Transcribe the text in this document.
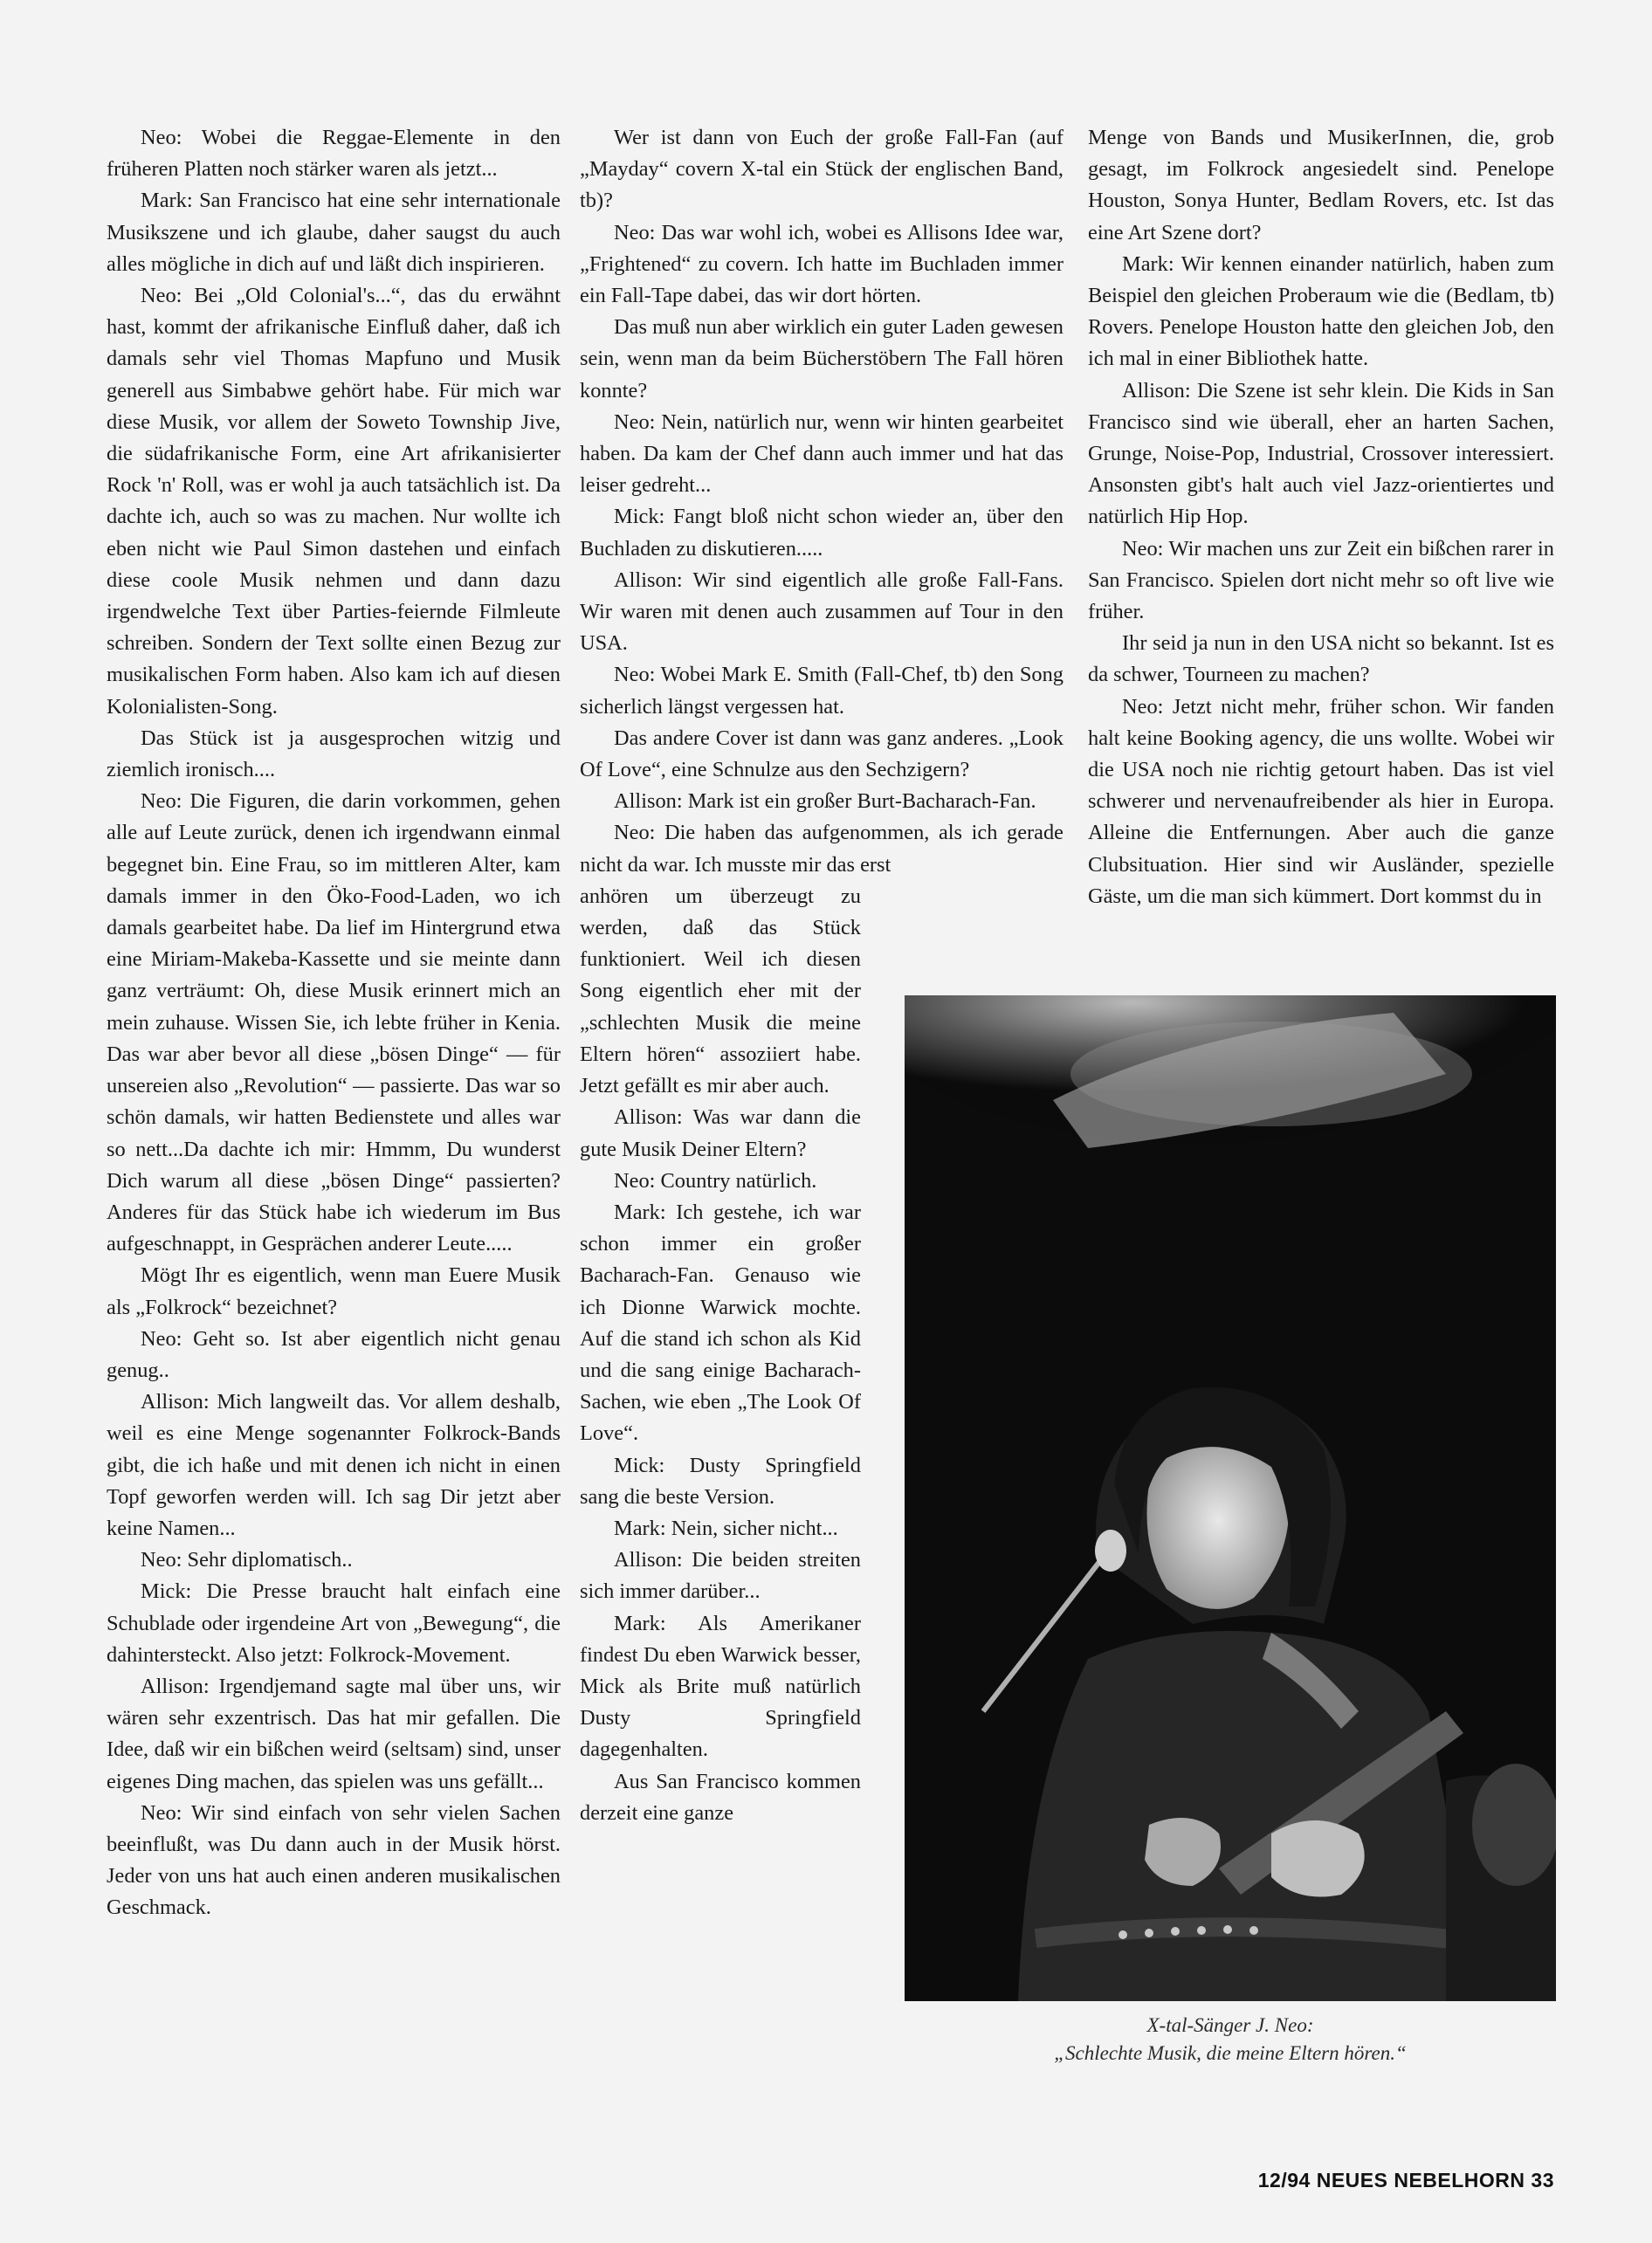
Neo: Wobei die Reggae-Elemente in den früheren Platten noch stärker waren als jetzt...

Mark: San Francisco hat eine sehr internationale Musikszene und ich glaube, daher saugst du auch alles mögliche in dich auf und läßt dich inspirieren.

Neo: Bei „Old Colonial's...“, das du erwähnt hast, kommt der afrikanische Einfluß daher, daß ich damals sehr viel Thomas Mapfuno und Musik generell aus Simbabwe gehört habe. Für mich war diese Musik, vor allem der Soweto Township Jive, die südafrikanische Form, eine Art afrikanisierter Rock 'n' Roll, was er wohl ja auch tatsächlich ist. Da dachte ich, auch so was zu machen. Nur wollte ich eben nicht wie Paul Simon dastehen und einfach diese coole Musik nehmen und dann dazu irgendwelche Text über Parties-feiernde Filmleute schreiben. Sondern der Text sollte einen Bezug zur musikalischen Form haben. Also kam ich auf diesen Kolonialisten-Song.

Das Stück ist ja ausgesprochen witzig und ziemlich ironisch....

Neo: Die Figuren, die darin vorkommen, gehen alle auf Leute zurück, denen ich irgendwann einmal begegnet bin. Eine Frau, so im mittleren Alter, kam damals immer in den Öko-Food-Laden, wo ich damals gearbeitet habe. Da lief im Hintergrund etwa eine Miriam-Makeba-Kassette und sie meinte dann ganz verträumt: Oh, diese Musik erinnert mich an mein zuhause. Wissen Sie, ich lebte früher in Kenia. Das war aber bevor all diese „bösen Dinge“ — für unsereien also „Revolution“ — passierte. Das war so schön damals, wir hatten Bedienstete und alles war so nett...Da dachte ich mir: Hmmm, Du wunderst Dich warum all diese „bösen Dinge“ passierten? Anderes für das Stück habe ich wiederum im Bus aufgeschnappt, in Gesprächen anderer Leute.....

Mögt Ihr es eigentlich, wenn man Euere Musik als „Folkrock“ bezeichnet?

Neo: Geht so. Ist aber eigentlich nicht genau genug..

Allison: Mich langweilt das. Vor allem deshalb, weil es eine Menge sogenannter Folkrock-Bands gibt, die ich haße und mit denen ich nicht in einen Topf geworfen werden will. Ich sag Dir jetzt aber keine Namen...

Neo: Sehr diplomatisch..

Mick: Die Presse braucht halt einfach eine Schublade oder irgendeine Art von „Bewegung“, die dahintersteckt. Also jetzt: Folkrock-Movement.

Allison: Irgendjemand sagte mal über uns, wir wären sehr exzentrisch. Das hat mir gefallen. Die Idee, daß wir ein bißchen weird (seltsam) sind, unser eigenes Ding machen, das spielen was uns gefällt...

Neo: Wir sind einfach von sehr vielen Sachen beeinflußt, was Du dann auch in der Musik hörst. Jeder von uns hat auch einen anderen musikalischen Geschmack.

Wer ist dann von Euch der große Fall-Fan (auf „Mayday“ covern X-tal ein Stück der englischen Band, tb)?

Neo: Das war wohl ich, wobei es Allisons Idee war, „Frightened“ zu covern. Ich hatte im Buchladen immer ein Fall-Tape dabei, das wir dort hörten.

Das muß nun aber wirklich ein guter Laden gewesen sein, wenn man da beim Bücherstöbern The Fall hören konnte?

Neo: Nein, natürlich nur, wenn wir hinten gearbeitet haben. Da kam der Chef dann auch immer und hat das leiser gedreht...

Mick: Fangt bloß nicht schon wieder an, über den Buchladen zu diskutieren.....

Allison: Wir sind eigentlich alle große Fall-Fans. Wir waren mit denen auch zusammen auf Tour in den USA.

Neo: Wobei Mark E. Smith (Fall-Chef, tb) den Song sicherlich längst vergessen hat.

Das andere Cover ist dann was ganz anderes. „Look Of Love“, eine Schnulze aus den Sechzigern?

Allison: Mark ist ein großer Burt-Bacharach-Fan.

Neo: Die haben das aufgenommen, als ich gerade nicht da war. Ich musste mir das erst

anhören um überzeugt zu werden, daß das Stück funktioniert. Weil ich diesen Song eigentlich eher mit der „schlechten Musik die meine Eltern hören“ assoziiert habe. Jetzt gefällt es mir aber auch.

Allison: Was war dann die gute Musik Deiner Eltern?

Neo: Country natürlich.

Mark: Ich gestehe, ich war schon immer ein großer Bacharach-Fan. Genauso wie ich Dionne Warwick mochte. Auf die stand ich schon als Kid und die sang einige Bacharach-Sachen, wie eben „The Look Of Love“.

Mick: Dusty Springfield sang die beste Version.

Mark: Nein, sicher nicht...

Allison: Die beiden streiten sich immer darüber...

Mark: Als Amerikaner findest Du eben Warwick besser, Mick als Brite muß natürlich Dusty Springfield dagegenhalten.

Aus San Francisco kommen derzeit eine ganze

Menge von Bands und MusikerInnen, die, grob gesagt, im Folkrock angesiedelt sind. Penelope Houston, Sonya Hunter, Bedlam Rovers, etc. Ist das eine Art Szene dort?

Mark: Wir kennen einander natürlich, haben zum Beispiel den gleichen Proberaum wie die (Bedlam, tb) Rovers. Penelope Houston hatte den gleichen Job, den ich mal in einer Bibliothek hatte.

Allison: Die Szene ist sehr klein. Die Kids in San Francisco sind wie überall, eher an harten Sachen, Grunge, Noise-Pop, Industrial, Crossover interessiert. Ansonsten gibt's halt auch viel Jazz-orientiertes und natürlich Hip Hop.

Neo: Wir machen uns zur Zeit ein bißchen rarer in San Francisco. Spielen dort nicht mehr so oft live wie früher.

Ihr seid ja nun in den USA nicht so bekannt. Ist es da schwer, Tourneen zu machen?

Neo: Jetzt nicht mehr, früher schon. Wir fanden halt keine Booking agency, die uns wollte. Wobei wir die USA noch nie richtig getourt haben. Das ist viel schwerer und nervenaufreibender als hier in Europa. Alleine die Entfernungen. Aber auch die ganze Clubsituation. Hier sind wir Ausländer, spezielle Gäste, um die man sich kümmert. Dort kommst du in

X-tal-Sänger J. Neo:
„Schlechte Musik, die meine Eltern hören.“
12/94 NEUES NEBELHORN 33
